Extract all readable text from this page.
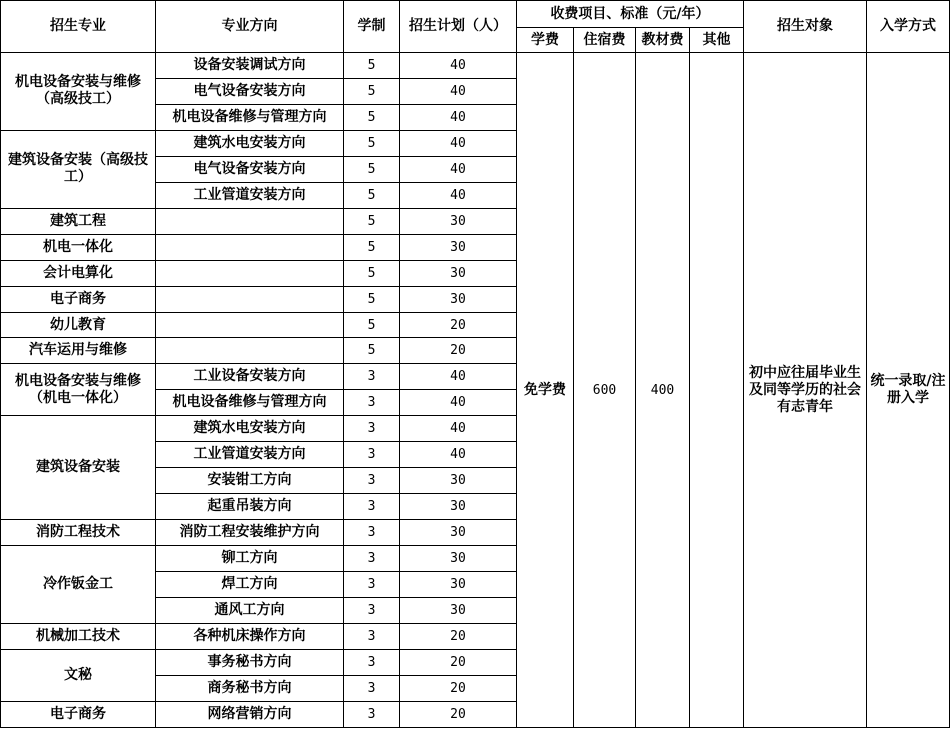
招生专业	专业方向	学制	招生计划（人）	收费项目、标准（元/年）				招生对象	入学方式
				学费	住宿费	教材费	其他		
机电设备安装与维修（高级技工）	设备安装调试方向	5	40	免学费	600	400		初中应往届毕业生及同等学历的社会有志青年	统一录取/注册入学
	电气设备安装方向	5	40						
	机电设备维修与管理方向	5	40						
建筑设备安装（高级技工）	建筑水电安装方向	5	40						
	电气设备安装方向	5	40						
	工业管道安装方向	5	40						
建筑工程		5	30						
机电一体化		5	30						
会计电算化		5	30						
电子商务		5	30						
幼儿教育		5	20						
汽车运用与维修		5	20						
机电设备安装与维修（机电一体化）	工业设备安装方向	3	40						
	机电设备维修与管理方向	3	40						
建筑设备安装	建筑水电安装方向	3	40						
	工业管道安装方向	3	40						
	安装钳工方向	3	30						
	起重吊装方向	3	30						
消防工程技术	消防工程安装维护方向	3	30						
冷作钣金工	铆工方向	3	30						
	焊工方向	3	30						
	通风工方向	3	30						
机械加工技术	各种机床操作方向	3	20						
文秘	事务秘书方向	3	20						
	商务秘书方向	3	20						
电子商务	网络营销方向	3	20						
